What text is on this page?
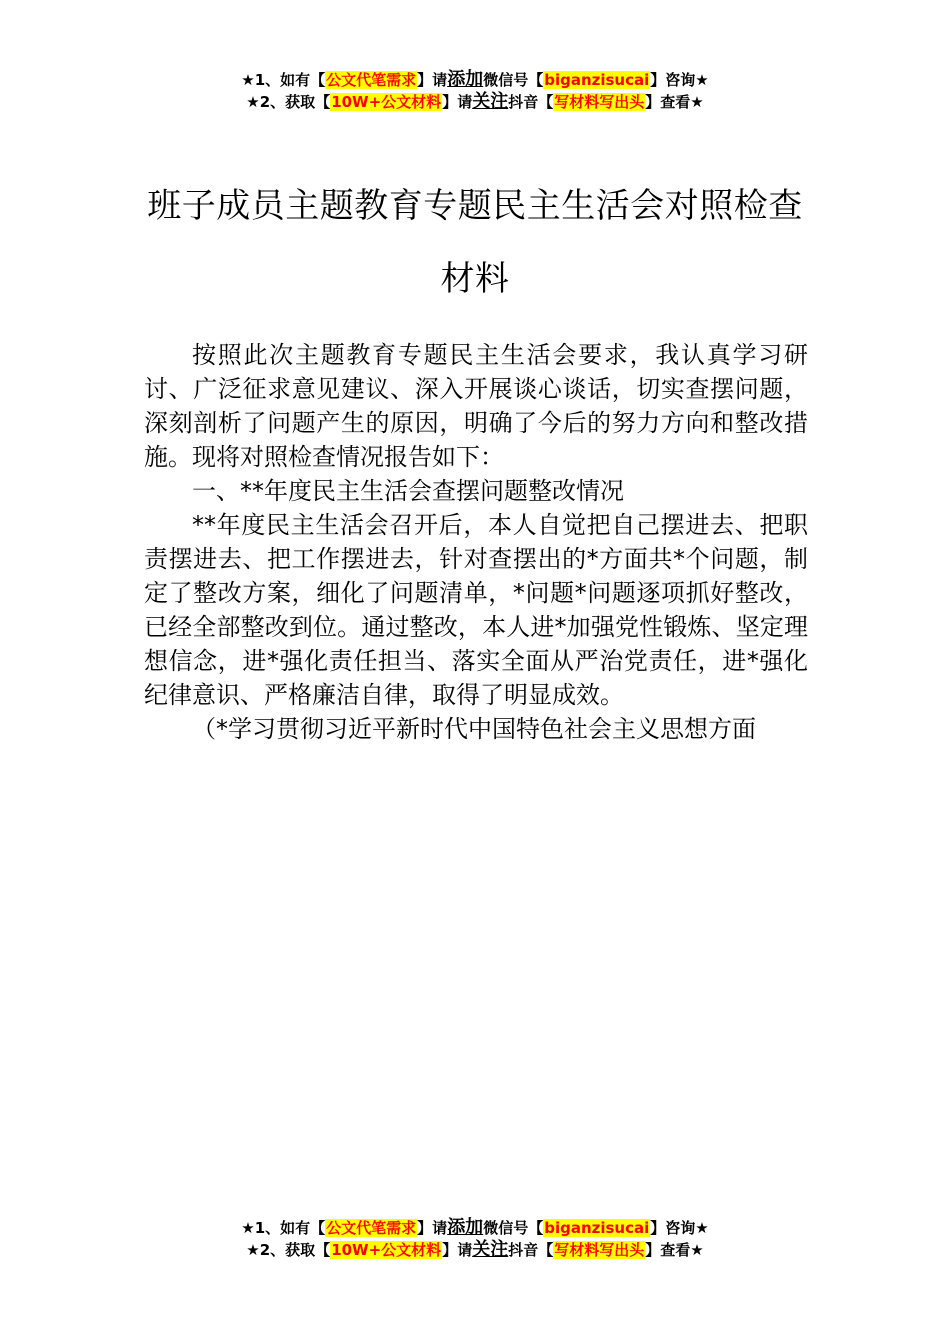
★1、如有【公文代笔需求】请添加微信号【biganzisucai】咨询★
★2、获取【10W+公文材料】请关注抖音【写材料写出头】查看★
班子成员主题教育专题民主生活会对照检查材料

按照此次主题教育专题民主生活会要求，我认真学习研讨、广泛征求意见建议、深入开展谈心谈话，切实查摆问题，深刻剖析了问题产生的原因，明确了今后的努力方向和整改措施。现将对照检查情况报告如下：

一、**年度民主生活会查摆问题整改情况

**年度民主生活会召开后，本人自觉把自己摆进去、把职责摆进去、把工作摆进去，针对查摆出的*方面共*个问题，制定了整改方案，细化了问题清单，*问题*问题逐项抓好整改，已经全部整改到位。通过整改，本人进*加强党性锻炼、坚定理想信念，进*强化责任担当、落实全面从严治党责任，进*强化纪律意识、严格廉洁自律，取得了明显成效。

（*学习贯彻习近平新时代中国特色社会主义思想方面

★1、如有【公文代笔需求】请添加微信号【biganzisucai】咨询★
★2、获取【10W+公文材料】请关注抖音【写材料写出头】查看★
